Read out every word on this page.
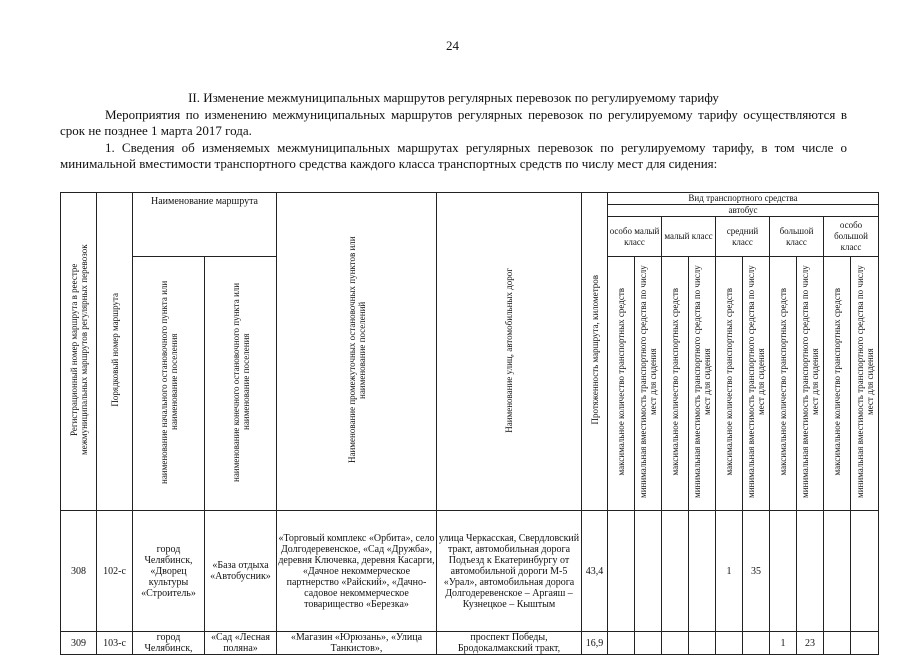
24
II. Изменение межмуниципальных маршрутов регулярных перевозок по регулируемому тарифу
Мероприятия по изменению межмуниципальных маршрутов регулярных перевозок по регулируемому тарифу осуществляются в срок не позднее 1 марта 2017 года.
1. Сведения об изменяемых межмуниципальных маршрутах регулярных перевозок по регулируемому тарифу, в том числе о минимальной вместимости транспортного средства каждого класса транспортных средств по числу мест для сидения:
Регистрационный номер маршрута в реестре межмуниципальных маршрутов регулярных перевозок	Порядковый номер маршрута	Наименование маршрута		Наименование промежуточных остановочных пунктов или наименование поселений	Наименование улиц, автомобильных дорог	Протяженность маршрута, километров	Вид транспортного средства									
							автобус									
							особо малый класс		малый класс		средний класс		большой класс		особо большой класс	
		наименование начального остановочного пункта или наименование поселения	наименование конечного остановочного пункта или наименование поселения				максимальное количество транспортных средств	минимальная вместимость транспортного средства по числу мест для сидения	максимальное количество транспортных средств	минимальная вместимость транспортного средства по числу мест для сидения	максимальное количество транспортных средств	минимальная вместимость транспортного средства по числу мест для сидения	максимальное количество транспортных средств	минимальная вместимость транспортного средства по числу мест для сидения	максимальное количество транспортных средств	минимальная вместимость транспортного средства по числу мест для сидения
308	102-с	город Челябинск, «Дворец культуры «Строитель»	«База отдыха «Автобусник»	«Торговый комплекс «Орбита», село Долгодеревенское, «Сад «Дружба», деревня Ключевка, деревня Касарги, «Дачное некоммерческое партнерство «Райский», «Дачно-садовое некоммерческое товарищество «Березка»	улица Черкасская, Свердловский тракт, автомобильная дорога Подъезд к Екатеринбургу от автомобильной дороги М-5 «Урал», автомобильная дорога Долгодеревенское – Аргаяш – Кузнецкое – Кыштым	43,4					1	35				
309	103-с	город Челябинск,	«Сад «Лесная поляна»	«Магазин «Юрюзань», «Улица Танкистов»,	проспект Победы, Бродокалмакский тракт,	16,9							1	23		
